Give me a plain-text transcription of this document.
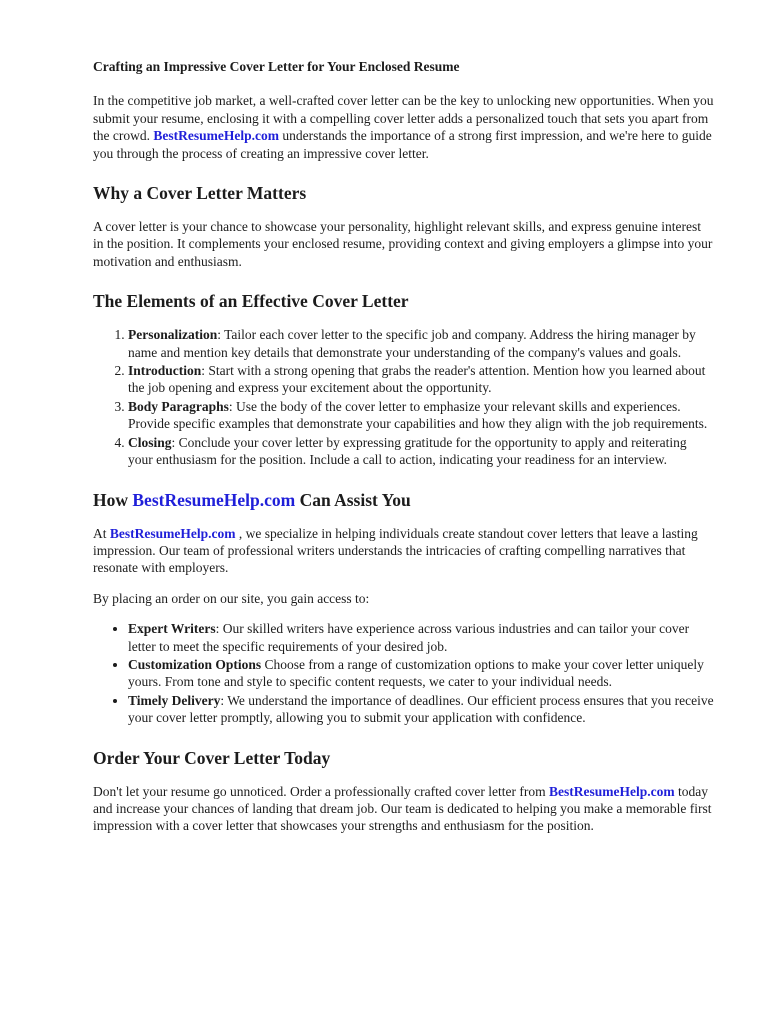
Crafting an Impressive Cover Letter for Your Enclosed Resume

In the competitive job market, a well-crafted cover letter can be the key to unlocking new opportunities. When you submit your resume, enclosing it with a compelling cover letter adds a personalized touch that sets you apart from the crowd. BestResumeHelp.com understands the importance of a strong first impression, and we're here to guide you through the process of creating an impressive cover letter.

Why a Cover Letter Matters

A cover letter is your chance to showcase your personality, highlight relevant skills, and express genuine interest in the position. It complements your enclosed resume, providing context and giving employers a glimpse into your motivation and enthusiasm.

The Elements of an Effective Cover Letter
1. Personalization: Tailor each cover letter to the specific job and company. Address the hiring manager by name and mention key details that demonstrate your understanding of the company's values and goals.
2. Introduction: Start with a strong opening that grabs the reader's attention. Mention how you learned about the job opening and express your excitement about the opportunity.
3. Body Paragraphs: Use the body of the cover letter to emphasize your relevant skills and experiences. Provide specific examples that demonstrate your capabilities and how they align with the job requirements.
4. Closing: Conclude your cover letter by expressing gratitude for the opportunity to apply and reiterating your enthusiasm for the position. Include a call to action, indicating your readiness for an interview.
How BestResumeHelp.com Can Assist You

At BestResumeHelp.com , we specialize in helping individuals create standout cover letters that leave a lasting impression. Our team of professional writers understands the intricacies of crafting compelling narratives that resonate with employers.

By placing an order on our site, you gain access to:

• Expert Writers: Our skilled writers have experience across various industries and can tailor your cover letter to meet the specific requirements of your desired job.
• Customization Options Choose from a range of customization options to make your cover letter uniquely yours. From tone and style to specific content requests, we cater to your individual needs.
• Timely Delivery: We understand the importance of deadlines. Our efficient process ensures that you receive your cover letter promptly, allowing you to submit your application with confidence.
Order Your Cover Letter Today

Don't let your resume go unnoticed. Order a professionally crafted cover letter from BestResumeHelp.com today and increase your chances of landing that dream job. Our team is dedicated to helping you make a memorable first impression with a cover letter that showcases your strengths and enthusiasm for the position.
